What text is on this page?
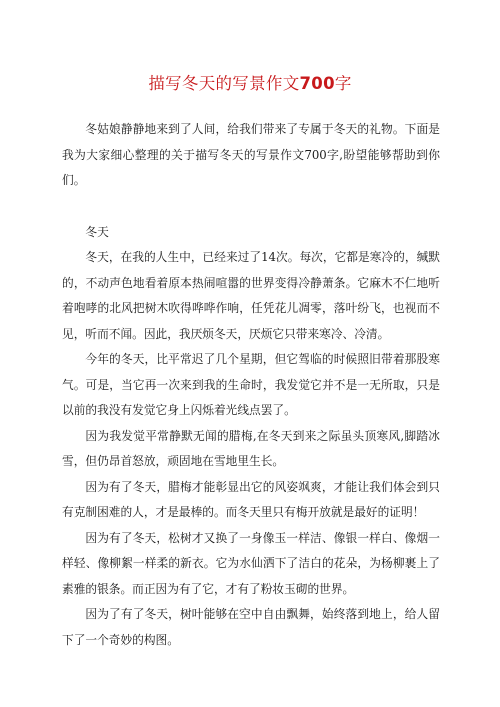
描写冬天的写景作文700字

冬姑娘静静地来到了人间，给我们带来了专属于冬天的礼物。下面是我为大家细心整理的关于描写冬天的写景作文700字,盼望能够帮助到你们。

冬天

冬天，在我的人生中，已经来过了14次。每次，它都是寒冷的，缄默的，不动声色地看着原本热闹喧嚣的世界变得冷静萧条。它麻木不仁地听着咆哮的北风把树木吹得哗哗作响，任凭花儿凋零，落叶纷飞，也视而不见，听而不闻。因此，我厌烦冬天，厌烦它只带来寒冷、冷清。

今年的冬天，比平常迟了几个星期，但它驾临的时候照旧带着那股寒气。可是，当它再一次来到我的生命时，我发觉它并不是一无所取，只是以前的我没有发觉它身上闪烁着光线点罢了。

因为我发觉平常静默无闻的腊梅,在冬天到来之际虽头顶寒风,脚踏冰雪，但仍昂首怒放，顽固地在雪地里生长。

因为有了冬天，腊梅才能彰显出它的风姿飒爽，才能让我们体会到只有克制困难的人，才是最棒的。而冬天里只有梅开放就是最好的证明！

因为有了冬天，松树才又换了一身像玉一样洁、像银一样白、像烟一样轻、像柳絮一样柔的新衣。它为水仙洒下了洁白的花朵，为杨柳裹上了素雅的银条。而正因为有了它，才有了粉妆玉砌的世界。

因为了有了冬天，树叶能够在空中自由飘舞，始终落到地上，给人留下了一个奇妙的构图。
